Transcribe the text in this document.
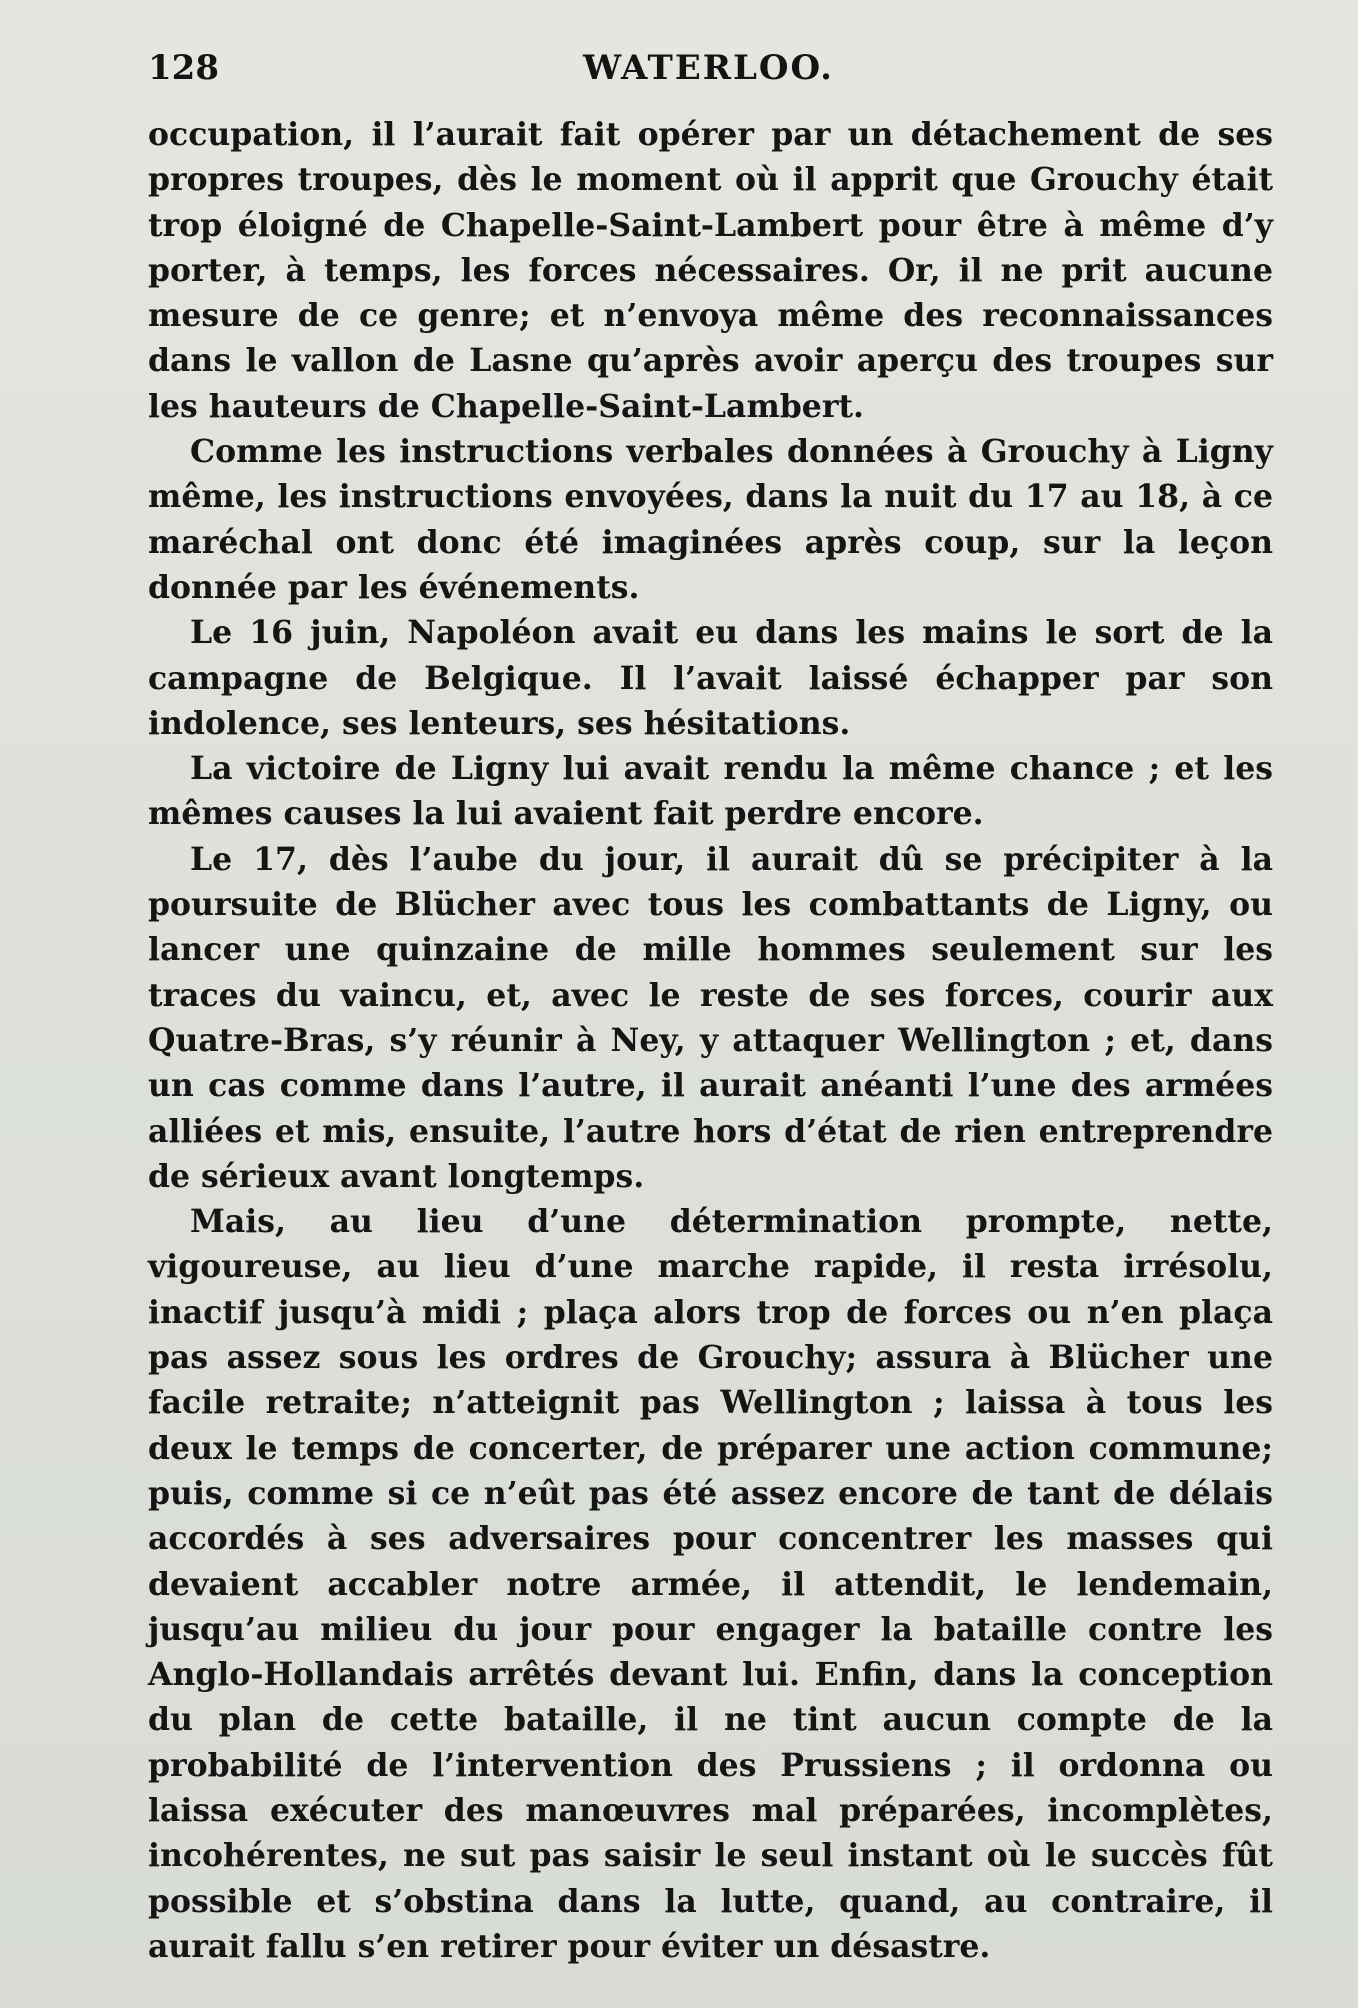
128	WATERLOO.

occupation, il l’aurait fait opérer par un détachement de ses propres troupes, dès le moment où il apprit que Grouchy était trop éloigné de Chapelle-Saint-Lambert pour être à même d’y porter, à temps, les forces nécessaires. Or, il ne prit aucune mesure de ce genre; et n’envoya même des reconnaissances dans le vallon de Lasne qu’après avoir aperçu des troupes sur les hauteurs de Chapelle-Saint-Lambert.

Comme les instructions verbales données à Grouchy à Ligny même, les instructions envoyées, dans la nuit du 17 au 18, à ce maréchal ont donc été imaginées après coup, sur la leçon donnée par les événements.

Le 16 juin, Napoléon avait eu dans les mains le sort de la campagne de Belgique. Il l’avait laissé échapper par son indolence, ses lenteurs, ses hésitations.

La victoire de Ligny lui avait rendu la même chance ; et les mêmes causes la lui avaient fait perdre encore.

Le 17, dès l’aube du jour, il aurait dû se précipiter à la poursuite de Blücher avec tous les combattants de Ligny, ou lancer une quinzaine de mille hommes seulement sur les traces du vaincu, et, avec le reste de ses forces, courir aux Quatre-Bras, s’y réunir à Ney, y attaquer Wellington ; et, dans un cas comme dans l’autre, il aurait anéanti l’une des armées alliées et mis, ensuite, l’autre hors d’état de rien entreprendre de sérieux avant longtemps.

Mais, au lieu d’une détermination prompte, nette, vigoureuse, au lieu d’une marche rapide, il resta irrésolu, inactif jusqu’à midi ; plaça alors trop de forces ou n’en plaça pas assez sous les ordres de Grouchy; assura à Blücher une facile retraite; n’atteignit pas Wellington ; laissa à tous les deux le temps de concerter, de préparer une action commune; puis, comme si ce n’eût pas été assez encore de tant de délais accordés à ses adversaires pour concentrer les masses qui devaient accabler notre armée, il attendit, le lendemain, jusqu’au milieu du jour pour engager la bataille contre les Anglo-Hollandais arrêtés devant lui. Enfin, dans la conception du plan de cette bataille, il ne tint aucun compte de la probabilité de l’intervention des Prussiens ; il ordonna ou laissa exécuter des manœuvres mal préparées, incomplètes, incohérentes, ne sut pas saisir le seul instant où le succès fût possible et s’obstina dans la lutte, quand, au contraire, il aurait fallu s’en retirer pour éviter un désastre.
